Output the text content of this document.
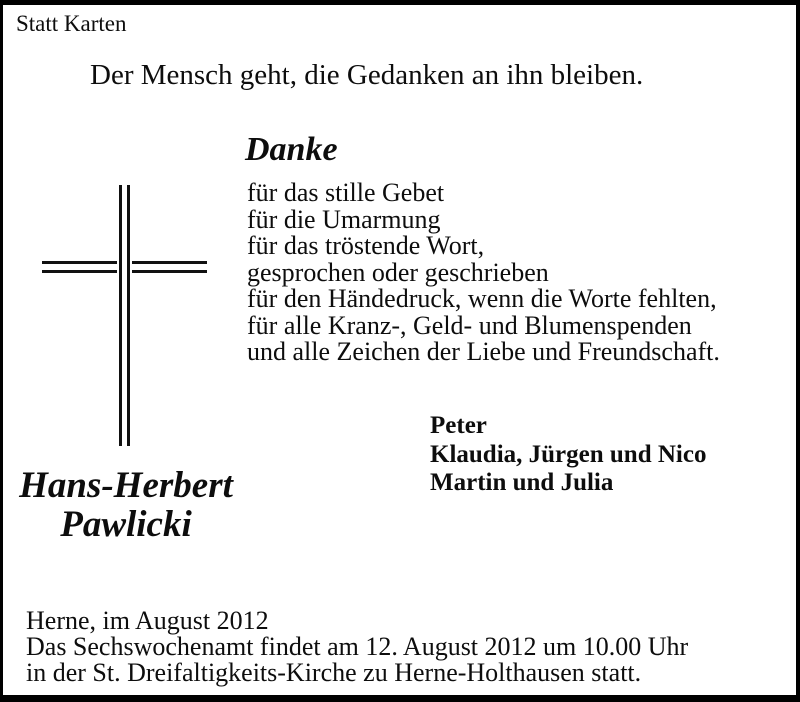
Statt Karten
Der Mensch geht, die Gedanken an ihn bleiben.
Danke
für das stille Gebet
für die Umarmung
für das tröstende Wort,
gesprochen oder geschrieben
für den Händedruck, wenn die Worte fehlten,
für alle Kranz-, Geld- und Blumenspenden
und alle Zeichen der Liebe und Freundschaft.
Peter
Klaudia, Jürgen und Nico
Martin und Julia
Hans-Herbert
Pawlicki
Herne, im August 2012
Das Sechswochenamt findet am 12. August 2012 um 10.00 Uhr
in der St. Dreifaltigkeits-Kirche zu Herne-Holthausen statt.
